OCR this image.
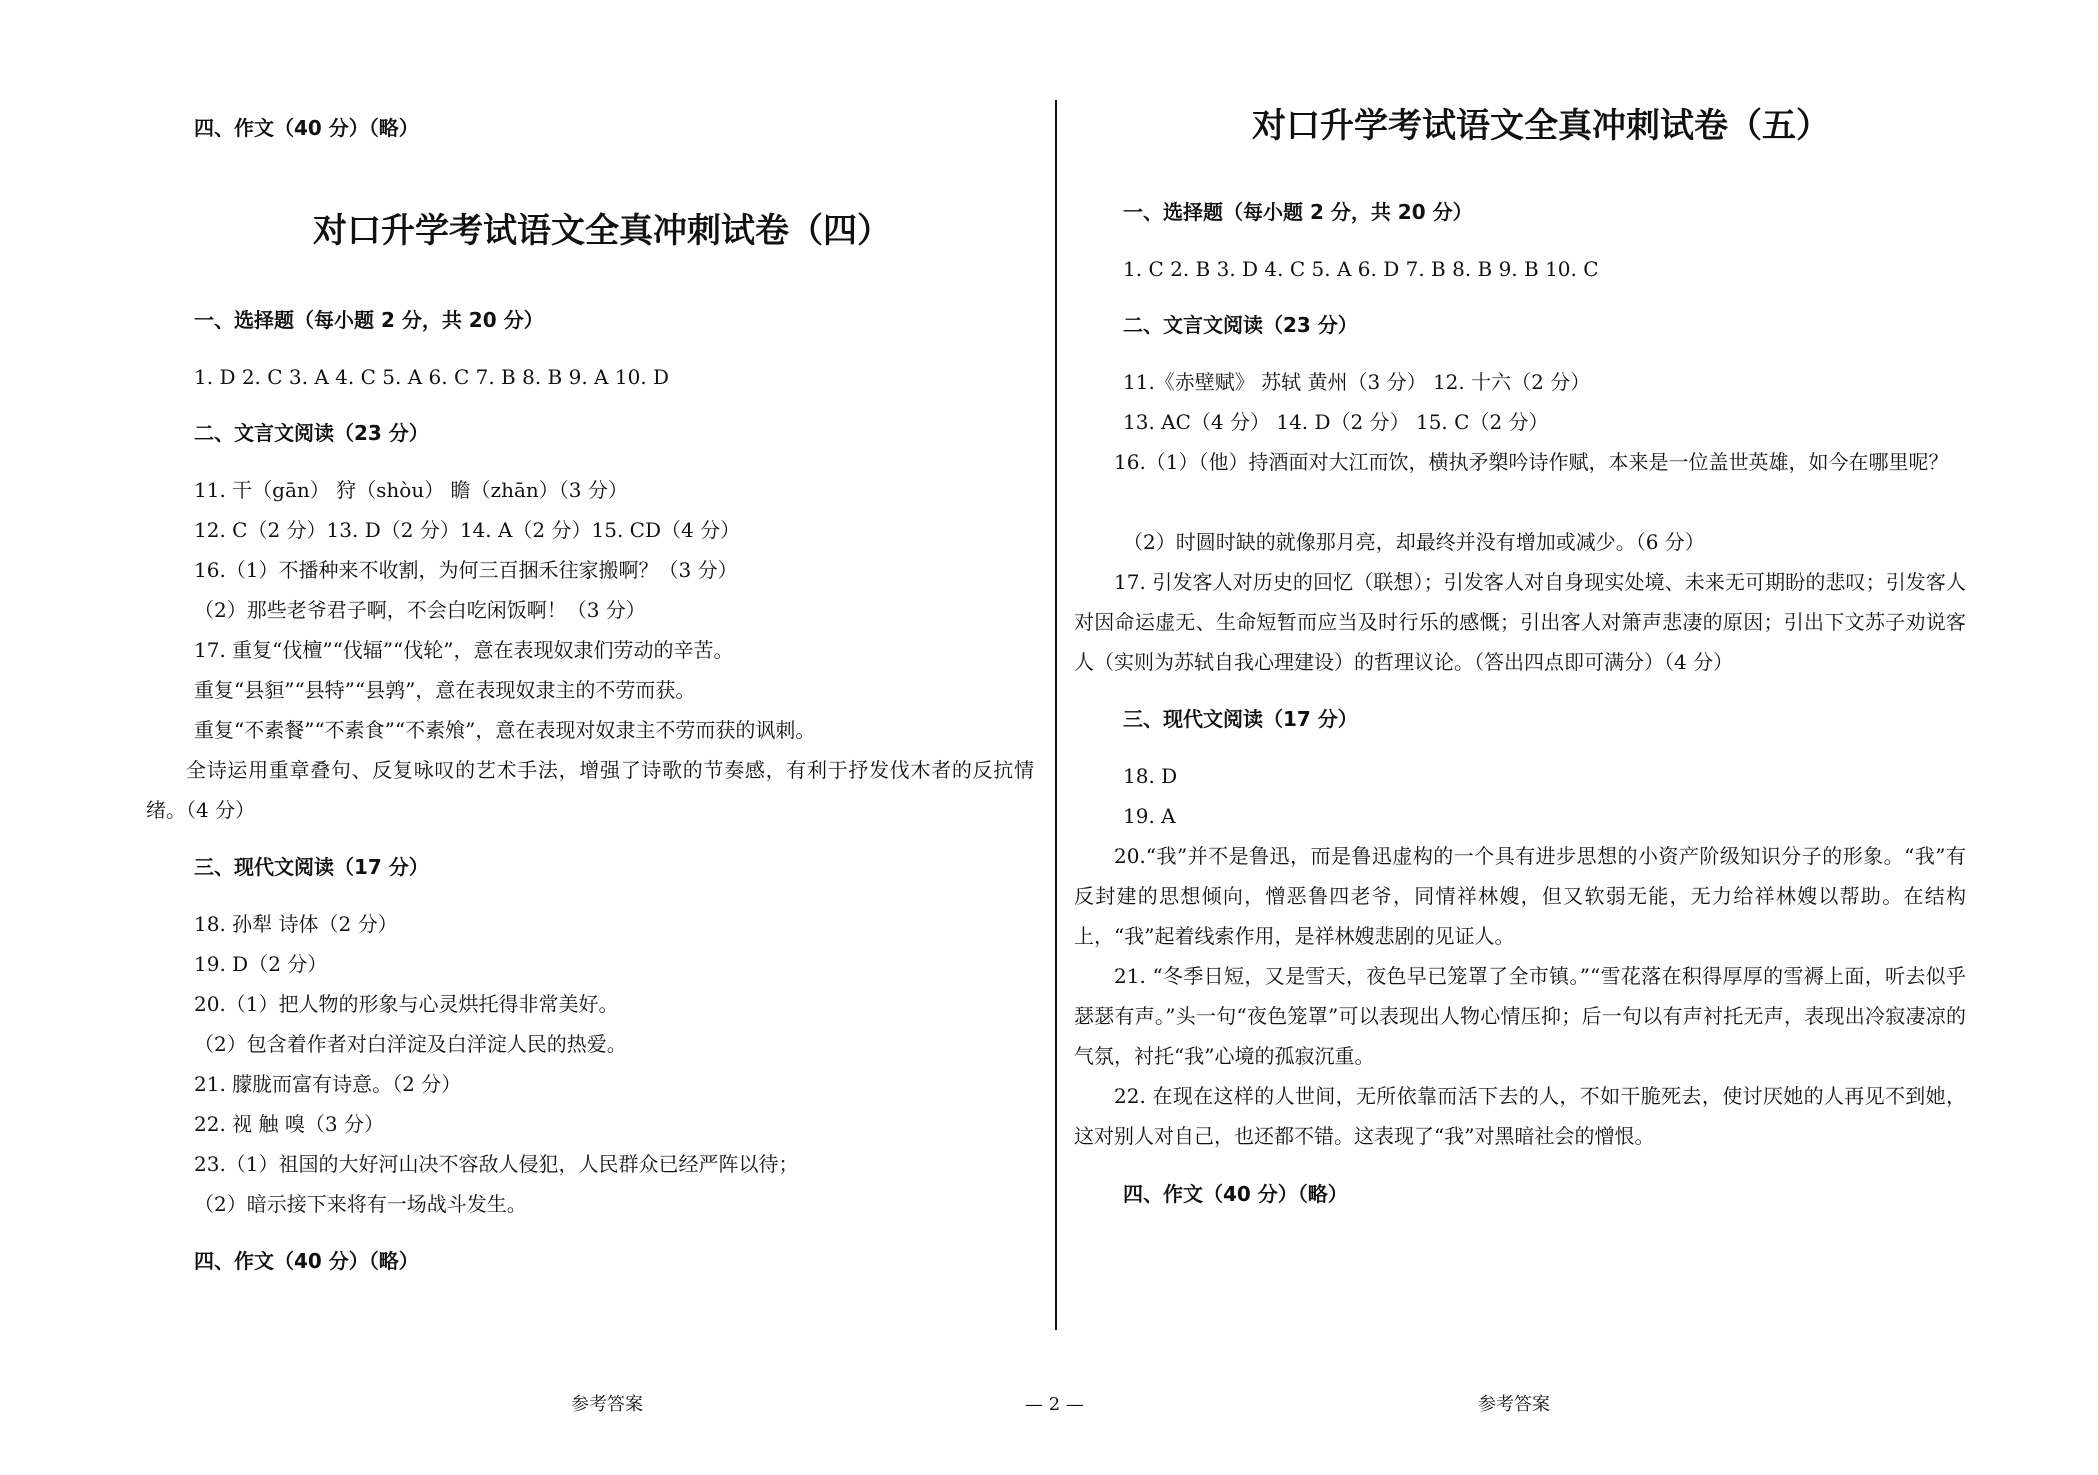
四、作文（40 分）（略）
对口升学考试语文全真冲刺试卷（四）
一、选择题（每小题 2 分，共 20 分）
1. D 2. C 3. A 4. C 5. A 6. C 7. B 8. B 9. A 10. D
二、文言文阅读（23 分）
11. 干（gān） 狩（shòu） 瞻（zhān）（3 分）
12. C（2 分）13. D（2 分）14. A（2 分）15. CD（4 分）
16.（1）不播种来不收割，为何三百捆禾往家搬啊？（3 分）
（2）那些老爷君子啊，不会白吃闲饭啊！（3 分）
17. 重复“伐檀”“伐辐”“伐轮”，意在表现奴隶们劳动的辛苦。
重复“县貆”“县特”“县鹑”，意在表现奴隶主的不劳而获。
重复“不素餐”“不素食”“不素飧”，意在表现对奴隶主不劳而获的讽刺。
全诗运用重章叠句、反复咏叹的艺术手法，增强了诗歌的节奏感，有利于抒发伐木者的反抗情绪。（4 分）
三、现代文阅读（17 分）
18. 孙犁 诗体（2 分）
19. D（2 分）
20.（1）把人物的形象与心灵烘托得非常美好。
（2）包含着作者对白洋淀及白洋淀人民的热爱。
21. 朦胧而富有诗意。（2 分）
22. 视 触 嗅（3 分）
23.（1）祖国的大好河山决不容敌人侵犯，人民群众已经严阵以待；
（2）暗示接下来将有一场战斗发生。
四、作文（40 分）（略）
对口升学考试语文全真冲刺试卷（五）
一、选择题（每小题 2 分，共 20 分）
1. C 2. B 3. D 4. C 5. A 6. D 7. B 8. B 9. B 10. C
二、文言文阅读（23 分）
11.《赤壁赋》 苏轼 黄州（3 分） 12. 十六（2 分）
13. AC（4 分） 14. D（2 分） 15. C（2 分）
16.（1）（他）持酒面对大江而饮，横执矛槊吟诗作赋，本来是一位盖世英雄，如今在哪里呢？
（2）时圆时缺的就像那月亮，却最终并没有增加或减少。（6 分）
17. 引发客人对历史的回忆（联想）；引发客人对自身现实处境、未来无可期盼的悲叹；引发客人对因命运虚无、生命短暂而应当及时行乐的感慨；引出客人对箫声悲凄的原因；引出下文苏子劝说客人（实则为苏轼自我心理建设）的哲理议论。（答出四点即可满分）（4 分）
三、现代文阅读（17 分）
18. D
19. A
20.“我”并不是鲁迅，而是鲁迅虚构的一个具有进步思想的小资产阶级知识分子的形象。“我”有反封建的思想倾向，憎恶鲁四老爷，同情祥林嫂，但又软弱无能，无力给祥林嫂以帮助。在结构上，“我”起着线索作用，是祥林嫂悲剧的见证人。
21. “冬季日短，又是雪天，夜色早已笼罩了全市镇。”“雪花落在积得厚厚的雪褥上面，听去似乎瑟瑟有声。”头一句“夜色笼罩”可以表现出人物心情压抑；后一句以有声衬托无声，表现出冷寂凄凉的气氛，衬托“我”心境的孤寂沉重。
22. 在现在这样的人世间，无所依靠而活下去的人，不如干脆死去，使讨厌她的人再见不到她，这对别人对自己，也还都不错。这表现了“我”对黑暗社会的憎恨。
四、作文（40 分）（略）
参考答案	— 2 —	参考答案
